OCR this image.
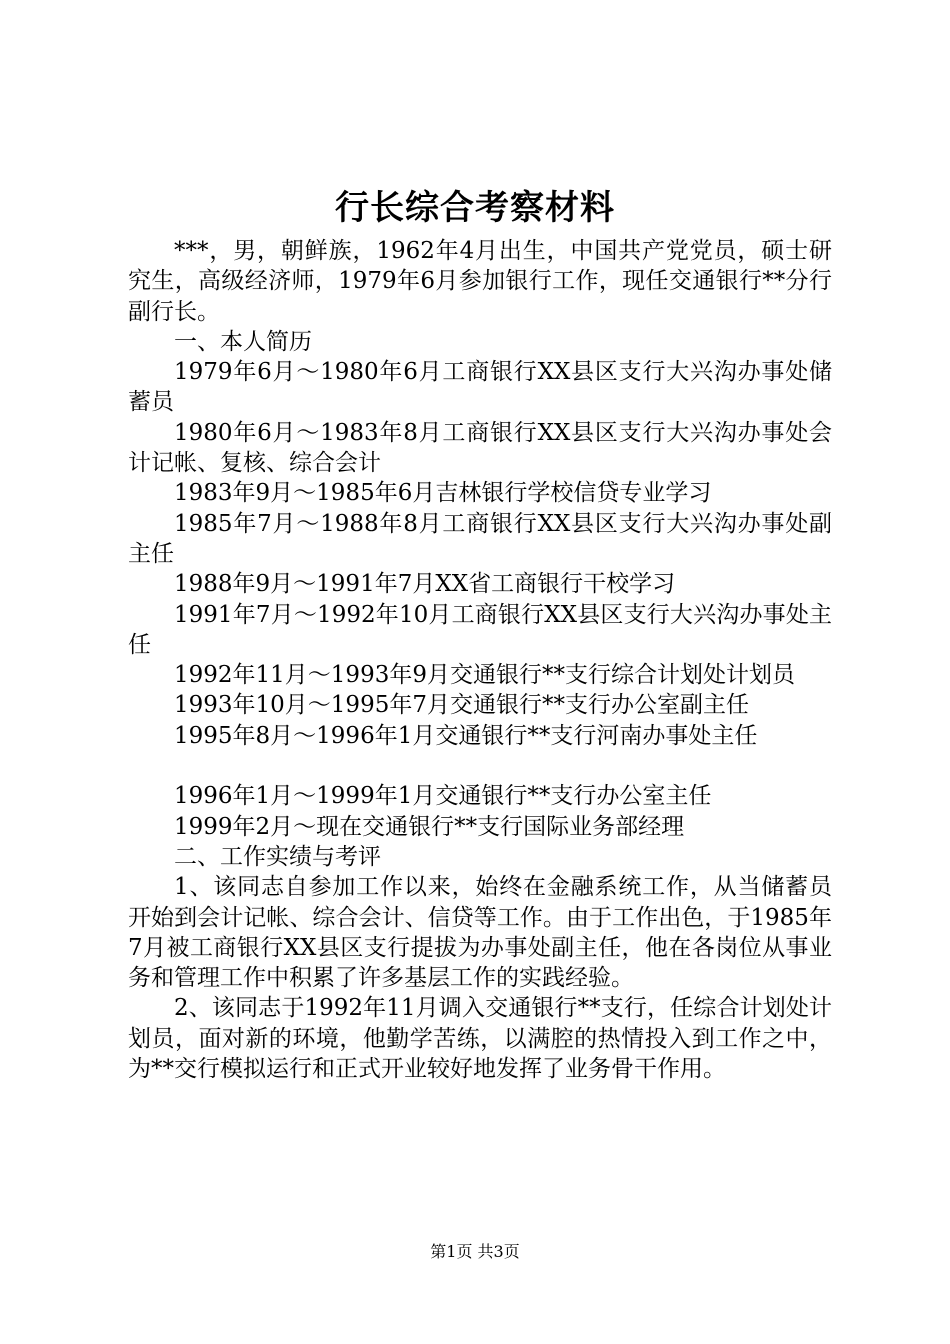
行长综合考察材料

***，男，朝鲜族，1962年4月出生，中国共产党党员，硕士研究生，高级经济师，1979年6月参加银行工作，现任交通银行**分行副行长。

一、本人简历

1979年6月～1980年6月工商银行XX县区支行大兴沟办事处储蓄员

1980年6月～1983年8月工商银行XX县区支行大兴沟办事处会计记帐、复核、综合会计

1983年9月～1985年6月吉林银行学校信贷专业学习

1985年7月～1988年8月工商银行XX县区支行大兴沟办事处副主任

1988年9月～1991年7月XX省工商银行干校学习

1991年7月～1992年10月工商银行XX县区支行大兴沟办事处主任

1992年11月～1993年9月交通银行**支行综合计划处计划员

1993年10月～1995年7月交通银行**支行办公室副主任

1995年8月～1996年1月交通银行**支行河南办事处主任

1996年1月～1999年1月交通银行**支行办公室主任

1999年2月～现在交通银行**支行国际业务部经理

二、工作实绩与考评

1、该同志自参加工作以来，始终在金融系统工作，从当储蓄员开始到会计记帐、综合会计、信贷等工作。由于工作出色，于1985年7月被工商银行XX县区支行提拔为办事处副主任，他在各岗位从事业务和管理工作中积累了许多基层工作的实践经验。

2、该同志于1992年11月调入交通银行**支行，任综合计划处计划员，面对新的环境，他勤学苦练，以满腔的热情投入到工作之中，为**交行模拟运行和正式开业较好地发挥了业务骨干作用。

第1页 共3页
